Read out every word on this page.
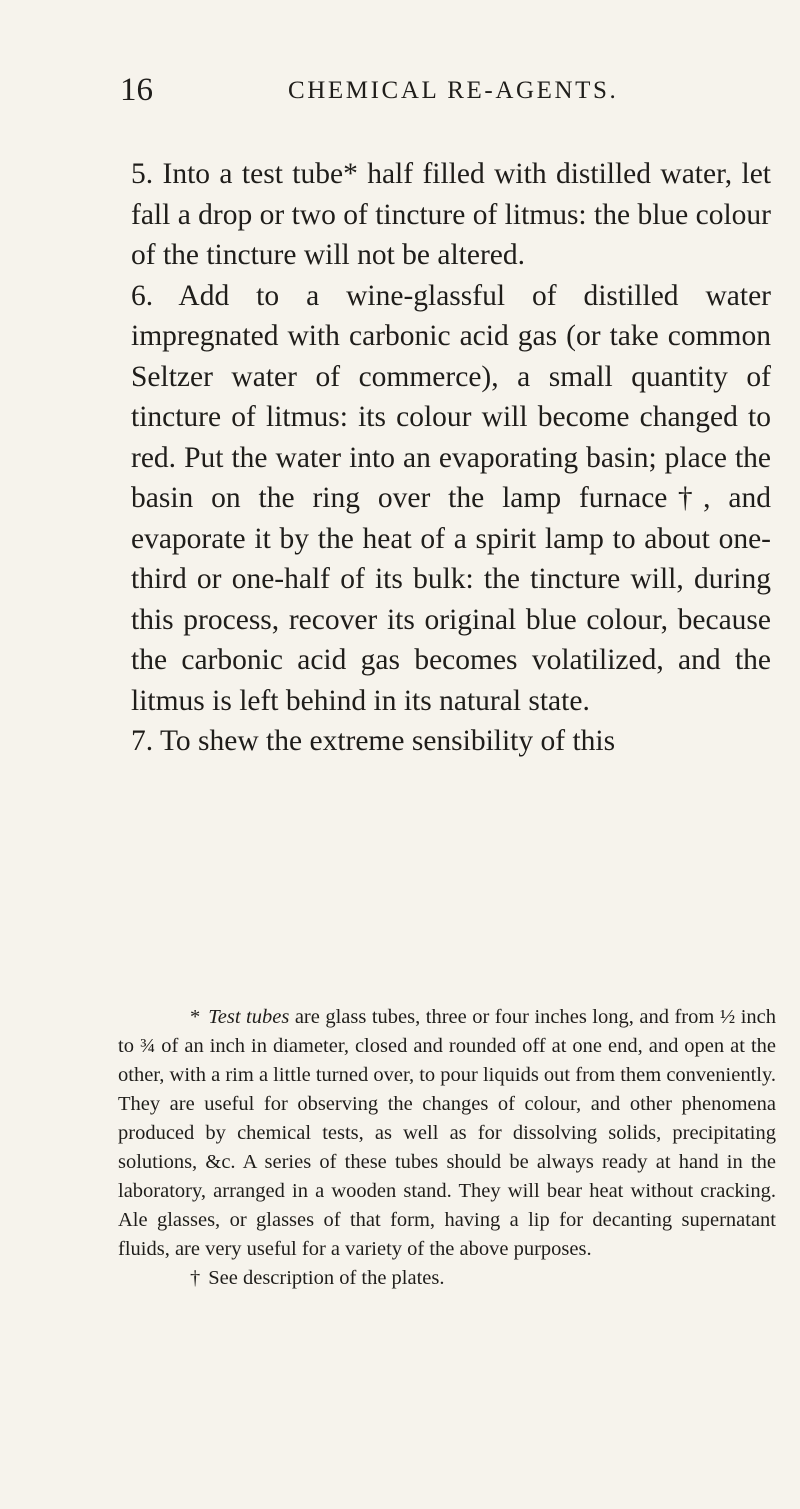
16	CHEMICAL RE-AGENTS.

5. Into a test tube* half filled with distilled water, let fall a drop or two of tincture of litmus: the blue colour of the tincture will not be altered.

6. Add to a wine-glassful of distilled water impregnated with carbonic acid gas (or take common Seltzer water of commerce), a small quantity of tincture of litmus: its colour will become changed to red. Put the water into an evaporating basin; place the basin on the ring over the lamp furnace†, and evaporate it by the heat of a spirit lamp to about one-third or one-half of its bulk: the tincture will, during this process, recover its original blue colour, because the carbonic acid gas becomes volatilized, and the litmus is left behind in its natural state.

7. To shew the extreme sensibility of this

* Test tubes are glass tubes, three or four inches long, and from ½ inch to ¾ of an inch in diameter, closed and rounded off at one end, and open at the other, with a rim a little turned over, to pour liquids out from them conveniently. They are useful for observing the changes of colour, and other phenomena produced by chemical tests, as well as for dissolving solids, precipitating solutions, &c. A series of these tubes should be always ready at hand in the laboratory, arranged in a wooden stand. They will bear heat without cracking. Ale glasses, or glasses of that form, having a lip for decanting supernatant fluids, are very useful for a variety of the above purposes.

† See description of the plates.
